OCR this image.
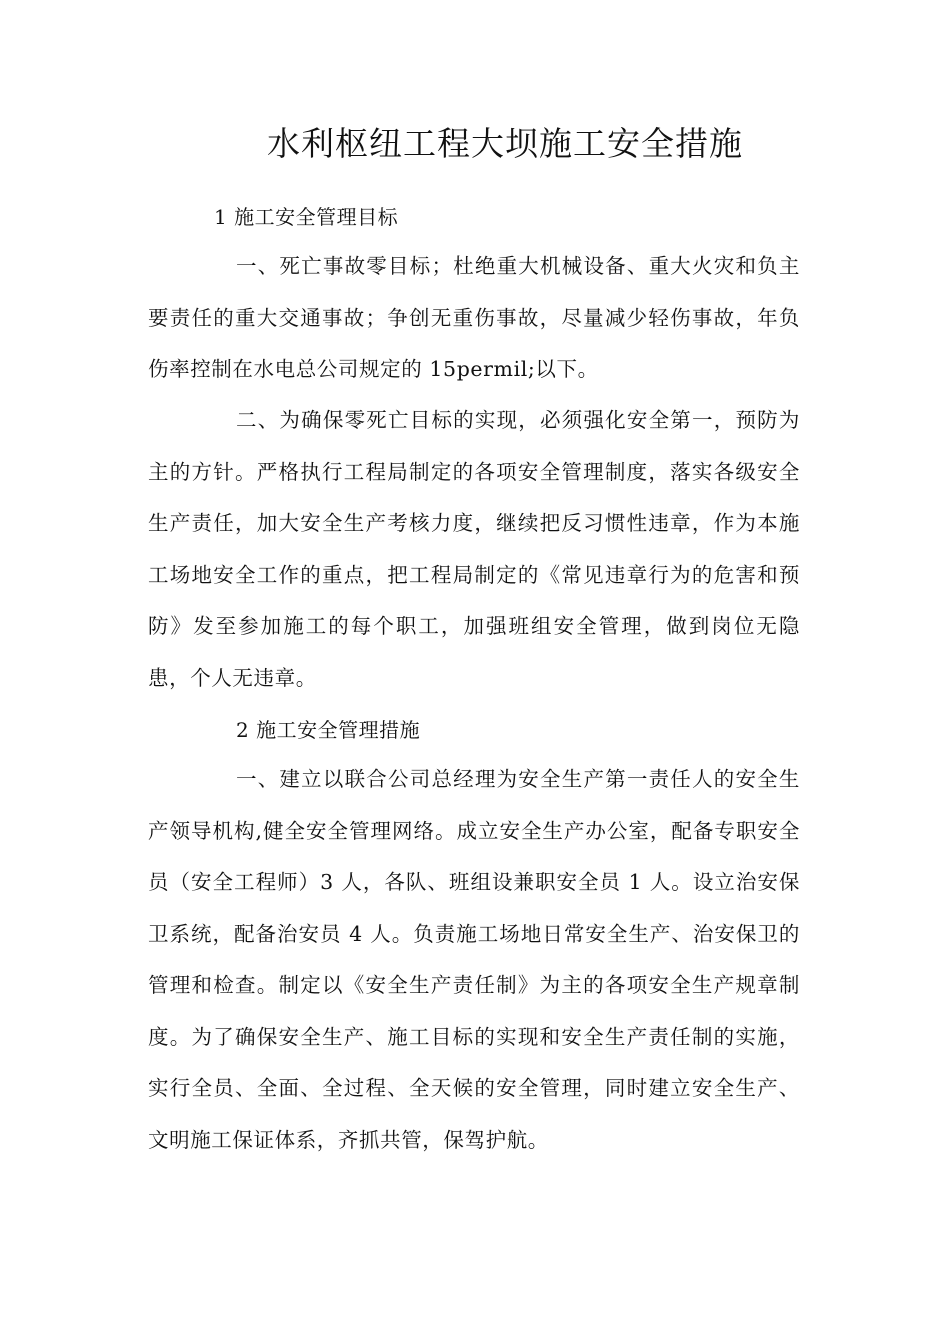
水利枢纽工程大坝施工安全措施
1 施工安全管理目标
一、死亡事故零目标；杜绝重大机械设备、重大火灾和负主要责任的重大交通事故；争创无重伤事故，尽量减少轻伤事故，年负伤率控制在水电总公司规定的 15permil;以下。
二、为确保零死亡目标的实现，必须强化安全第一，预防为主的方针。严格执行工程局制定的各项安全管理制度，落实各级安全生产责任，加大安全生产考核力度，继续把反习惯性违章，作为本施工场地安全工作的重点，把工程局制定的《常见违章行为的危害和预防》发至参加施工的每个职工，加强班组安全管理，做到岗位无隐患，个人无违章。
2 施工安全管理措施
一、建立以联合公司总经理为安全生产第一责任人的安全生产领导机构,健全安全管理网络。成立安全生产办公室，配备专职安全员（安全工程师）3 人，各队、班组设兼职安全员 1 人。设立治安保卫系统，配备治安员 4 人。负责施工场地日常安全生产、治安保卫的管理和检查。制定以《安全生产责任制》为主的各项安全生产规章制度。为了确保安全生产、施工目标的实现和安全生产责任制的实施，实行全员、全面、全过程、全天候的安全管理，同时建立安全生产、文明施工保证体系，齐抓共管，保驾护航。
